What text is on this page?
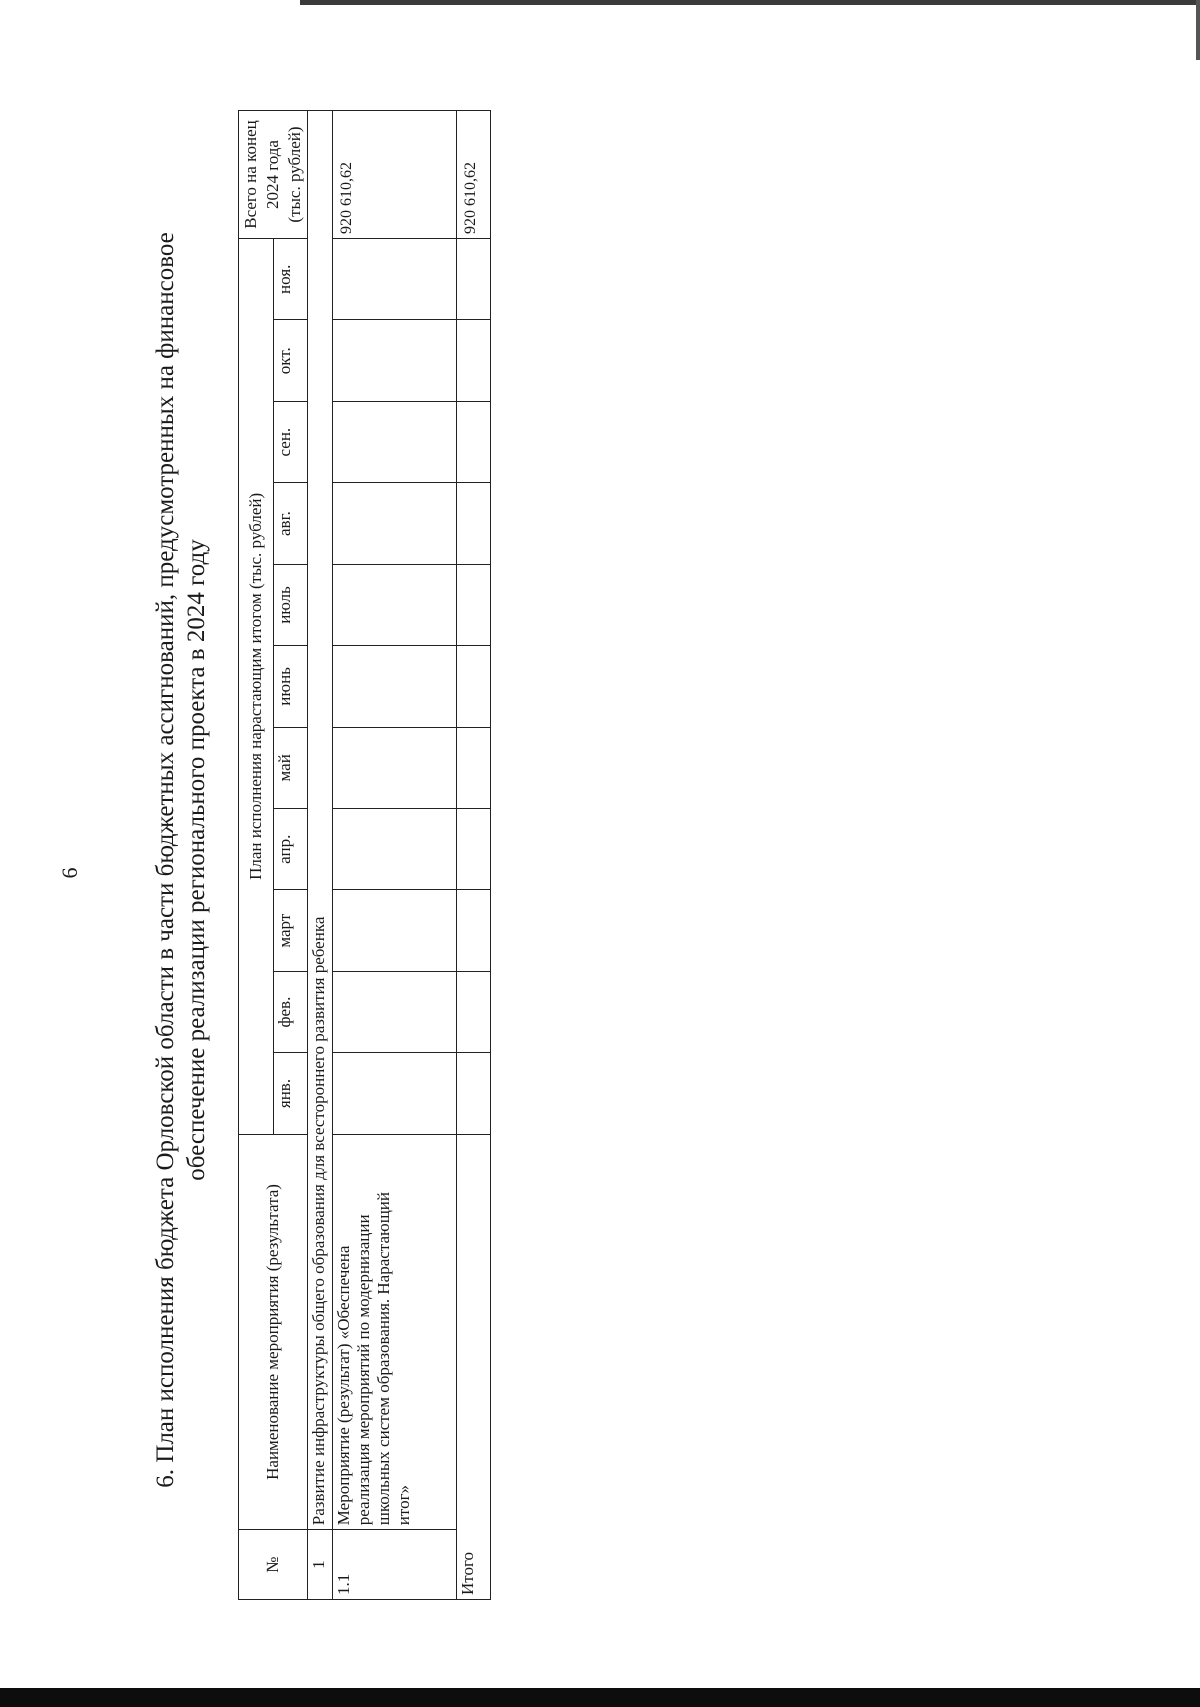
6	6. План исполнения бюджета Орловской области в части бюджетных ассигнований, предусмотренных на финансовое обеспечение реализации регионального проекта в 2024 году
№	Наименование мероприятия (результата)	План исполнения нарастающим итогом (тыс. рублей)											Всего на конец 2024 года (тыс. рублей)

		янв.	фев.	март	апр.	май	июнь	июль	авг.	сен.	окт.	ноя.	
1	Развитие инфраструктуры общего образования для всестороннего развития ребенка												
1.1	Мероприятие (результат) «Обеспечена реализация мероприятий по модернизации школьных систем образования. Нарастающий итог»												920 610,62
Итого													920 610,62
